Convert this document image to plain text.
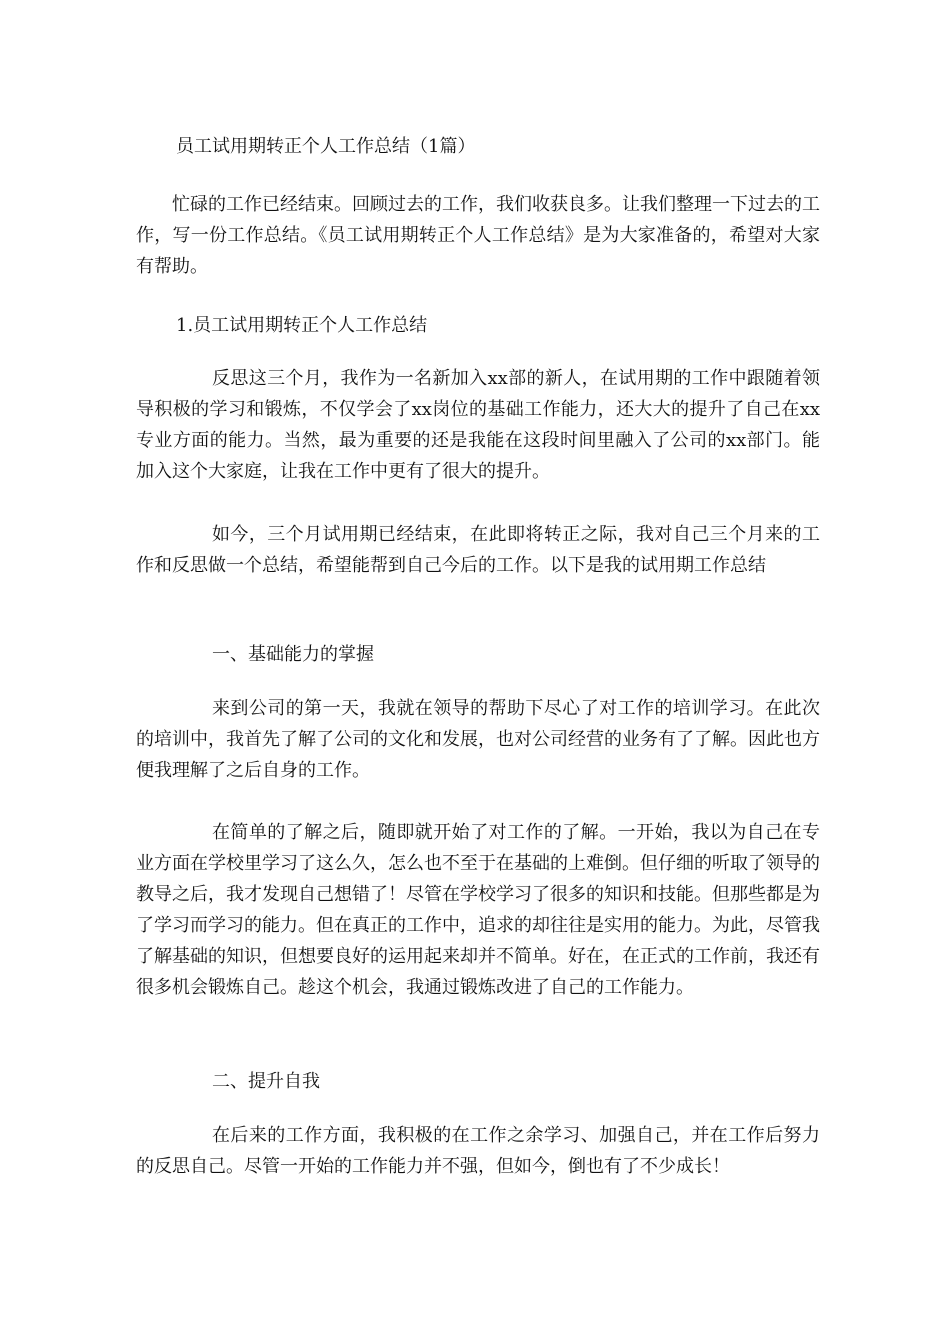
员工试用期转正个人工作总结（1篇）

忙碌的工作已经结束。回顾过去的工作，我们收获良多。让我们整理一下过去的工作，写一份工作总结。《员工试用期转正个人工作总结》是为大家准备的，希望对大家有帮助。

1.员工试用期转正个人工作总结

反思这三个月，我作为一名新加入xx部的新人，在试用期的工作中跟随着领导积极的学习和锻炼，不仅学会了xx岗位的基础工作能力，还大大的提升了自己在xx专业方面的能力。当然，最为重要的还是我能在这段时间里融入了公司的xx部门。能加入这个大家庭，让我在工作中更有了很大的提升。

如今，三个月试用期已经结束，在此即将转正之际，我对自己三个月来的工作和反思做一个总结，希望能帮到自己今后的工作。以下是我的试用期工作总结

一、基础能力的掌握

来到公司的第一天，我就在领导的帮助下尽心了对工作的培训学习。在此次的培训中，我首先了解了公司的文化和发展，也对公司经营的业务有了了解。因此也方便我理解了之后自身的工作。

在简单的了解之后，随即就开始了对工作的了解。一开始，我以为自己在专业方面在学校里学习了这么久，怎么也不至于在基础的上难倒。但仔细的听取了领导的教导之后，我才发现自己想错了！尽管在学校学习了很多的知识和技能。但那些都是为了学习而学习的能力。但在真正的工作中，追求的却往往是实用的能力。为此，尽管我了解基础的知识，但想要良好的运用起来却并不简单。好在，在正式的工作前，我还有很多机会锻炼自己。趁这个机会，我通过锻炼改进了自己的工作能力。

二、提升自我

在后来的工作方面，我积极的在工作之余学习、加强自己，并在工作后努力的反思自己。尽管一开始的工作能力并不强，但如今，倒也有了不少成长！
